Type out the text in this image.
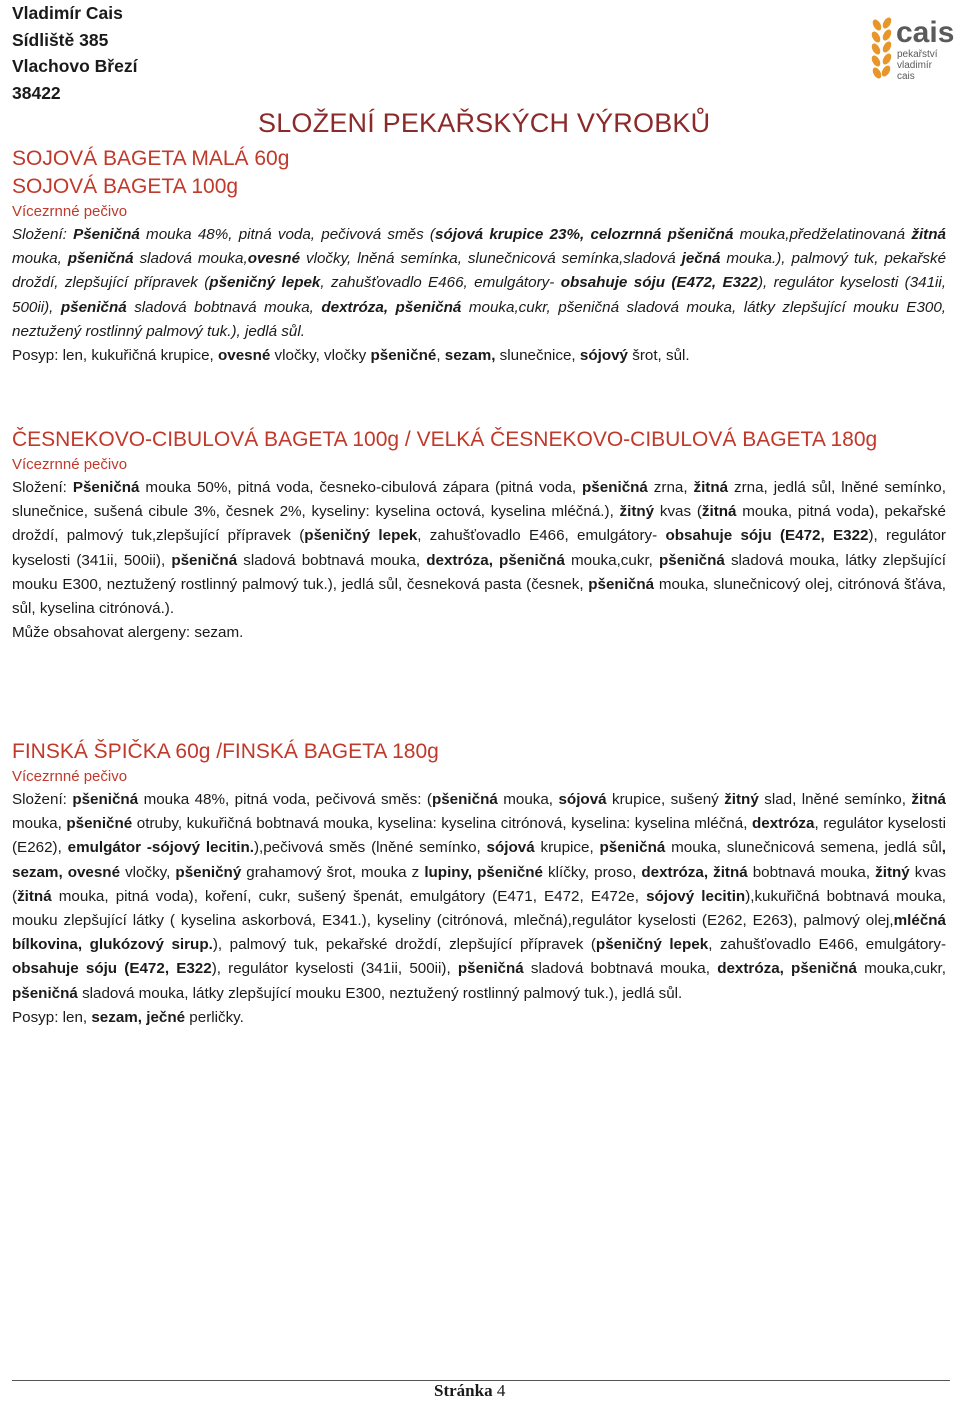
Vladimír Cais
Sídliště 385
Vlachovo Březí
38422
cais
pekařství
vladimír
cais
SLOŽENÍ PEKAŘSKÝCH VÝROBKŮ
SOJOVÁ BAGETA MALÁ 60g
SOJOVÁ BAGETA 100g
Vícezrnné pečivo
Složení: Pšeničná mouka 48%, pitná voda, pečivová směs (sójová krupice 23%, celozrnná pšeničná mouka,předželatinovaná žitná mouka, pšeničná sladová mouka,ovesné vločky, lněná semínka, slunečnicová semínka,sladová ječná mouka.), palmový tuk, pekařské droždí, zlepšující přípravek (pšeničný lepek, zahušťovadlo E466, emulgátory- obsahuje sóju (E472, E322), regulátor kyselosti (341ii, 500ii), pšeničná sladová bobtnavá mouka, dextróza, pšeničná mouka,cukr, pšeničná sladová mouka, látky zlepšující mouku E300, neztužený rostlinný palmový tuk.), jedlá sůl.
Posyp: len, kukuřičná krupice, ovesné vločky, vločky pšeničné, sezam, slunečnice, sójový šrot, sůl.
ČESNEKOVO-CIBULOVÁ BAGETA 100g / VELKÁ ČESNEKOVO-CIBULOVÁ BAGETA 180g
Vícezrnné pečivo
Složení: Pšeničná mouka 50%, pitná voda, česneko-cibulová zápara (pitná voda, pšeničná zrna, žitná zrna, jedlá sůl, lněné semínko, slunečnice, sušená cibule 3%, česnek 2%, kyseliny: kyselina octová, kyselina mléčná.), žitný kvas (žitná mouka, pitná voda), pekařské droždí, palmový tuk,zlepšující přípravek (pšeničný lepek, zahušťovadlo E466, emulgátory- obsahuje sóju (E472, E322), regulátor kyselosti (341ii, 500ii), pšeničná sladová bobtnavá mouka, dextróza, pšeničná mouka,cukr, pšeničná sladová mouka, látky zlepšující mouku E300, neztužený rostlinný palmový tuk.), jedlá sůl, česneková pasta (česnek, pšeničná mouka, slunečnicový olej, citrónová šťáva, sůl, kyselina citrónová.).
Může obsahovat alergeny: sezam.
FINSKÁ ŠPIČKA 60g /FINSKÁ BAGETA 180g
Vícezrnné pečivo
Složení: pšeničná mouka 48%, pitná voda, pečivová směs: (pšeničná mouka, sójová krupice, sušený žitný slad, lněné semínko, žitná mouka, pšeničné otruby, kukuřičná bobtnavá mouka, kyselina: kyselina citrónová, kyselina: kyselina mléčná, dextróza, regulátor kyselosti (E262), emulgátor -sójový lecitin.),pečivová směs (lněné semínko, sójová krupice, pšeničná mouka, slunečnicová semena, jedlá sůl, sezam, ovesné vločky, pšeničný grahamový šrot, mouka z lupiny, pšeničné klíčky, proso, dextróza, žitná bobtnavá mouka, žitný kvas (žitná mouka, pitná voda), koření, cukr, sušený špenát, emulgátory (E471, E472, E472e, sójový lecitin),kukuřičná bobtnavá mouka, mouku zlepšující látky ( kyselina askorbová, E341.), kyseliny (citrónová, mlečná),regulátor kyselosti (E262, E263), palmový olej,mléčná bílkovina, glukózový sirup.), palmový tuk, pekařské droždí, zlepšující přípravek (pšeničný lepek, zahušťovadlo E466, emulgátory- obsahuje sóju (E472, E322), regulátor kyselosti (341ii, 500ii), pšeničná sladová bobtnavá mouka, dextróza, pšeničná mouka,cukr, pšeničná sladová mouka, látky zlepšující mouku E300, neztužený rostlinný palmový tuk.), jedlá sůl.
Posyp: len, sezam, ječné perličky.
Stránka 4
